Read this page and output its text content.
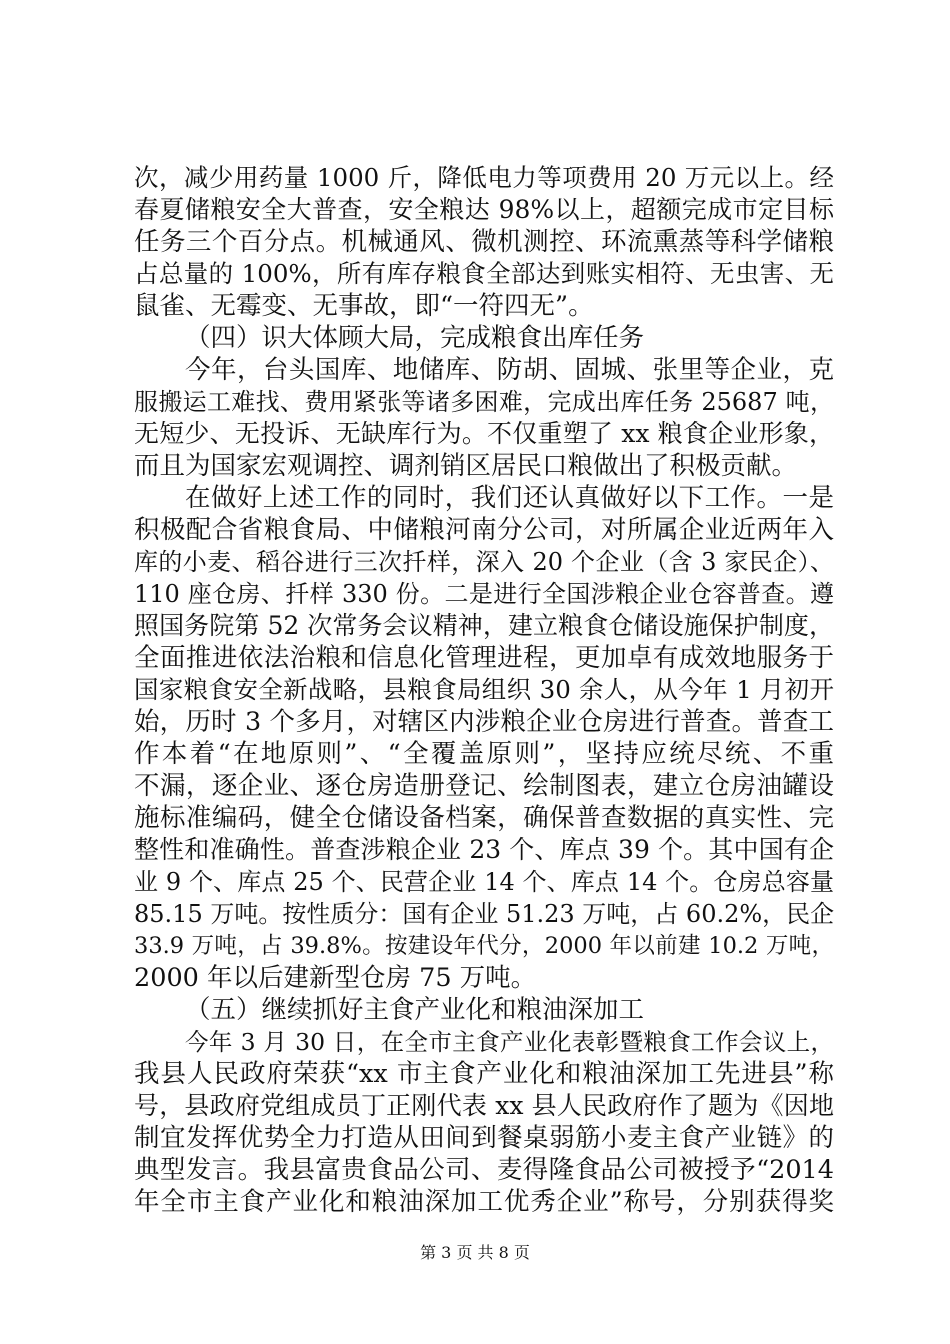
次，减少用药量 1000 斤，降低电力等项费用 20 万元以上。经
春夏储粮安全大普查，安全粮达 98%以上，超额完成市定目标
任务三个百分点。机械通风、微机测控、环流熏蒸等科学储粮
占总量的 100%，所有库存粮食全部达到账实相符、无虫害、无
鼠雀、无霉变、无事故，即“一符四无”。
（四）识大体顾大局，完成粮食出库任务
今年，台头国库、地储库、防胡、固城、张里等企业，克
服搬运工难找、费用紧张等诸多困难，完成出库任务 25687 吨，
无短少、无投诉、无缺库行为。不仅重塑了 xx 粮食企业形象，
而且为国家宏观调控、调剂销区居民口粮做出了积极贡献。
在做好上述工作的同时，我们还认真做好以下工作。一是
积极配合省粮食局、中储粮河南分公司，对所属企业近两年入
库的小麦、稻谷进行三次扦样，深入 20 个企业（含 3 家民企）、
110 座仓房、扦样 330 份。二是进行全国涉粮企业仓容普查。遵
照国务院第 52 次常务会议精神，建立粮食仓储设施保护制度，
全面推进依法治粮和信息化管理进程，更加卓有成效地服务于
国家粮食安全新战略，县粮食局组织 30 余人，从今年 1 月初开
始，历时 3 个多月，对辖区内涉粮企业仓房进行普查。普查工
作本着“在地原则”、“全覆盖原则”，坚持应统尽统、不重
不漏，逐企业、逐仓房造册登记、绘制图表，建立仓房油罐设
施标准编码，健全仓储设备档案，确保普查数据的真实性、完
整性和准确性。普查涉粮企业 23 个、库点 39 个。其中国有企
业 9 个、库点 25 个、民营企业 14 个、库点 14 个。仓房总容量
85.15 万吨。按性质分：国有企业 51.23 万吨，占 60.2%，民企
33.9 万吨，占 39.8%。按建设年代分，2000 年以前建 10.2 万吨，
2000 年以后建新型仓房 75 万吨。
（五）继续抓好主食产业化和粮油深加工
今年 3 月 30 日，在全市主食产业化表彰暨粮食工作会议上，
我县人民政府荣获“xx 市主食产业化和粮油深加工先进县”称
号，县政府党组成员丁正刚代表 xx 县人民政府作了题为《因地
制宜发挥优势全力打造从田间到餐桌弱筋小麦主食产业链》的
典型发言。我县富贵食品公司、麦得隆食品公司被授予“2014
年全市主食产业化和粮油深加工优秀企业”称号，分别获得奖
第 3 页 共 8 页
